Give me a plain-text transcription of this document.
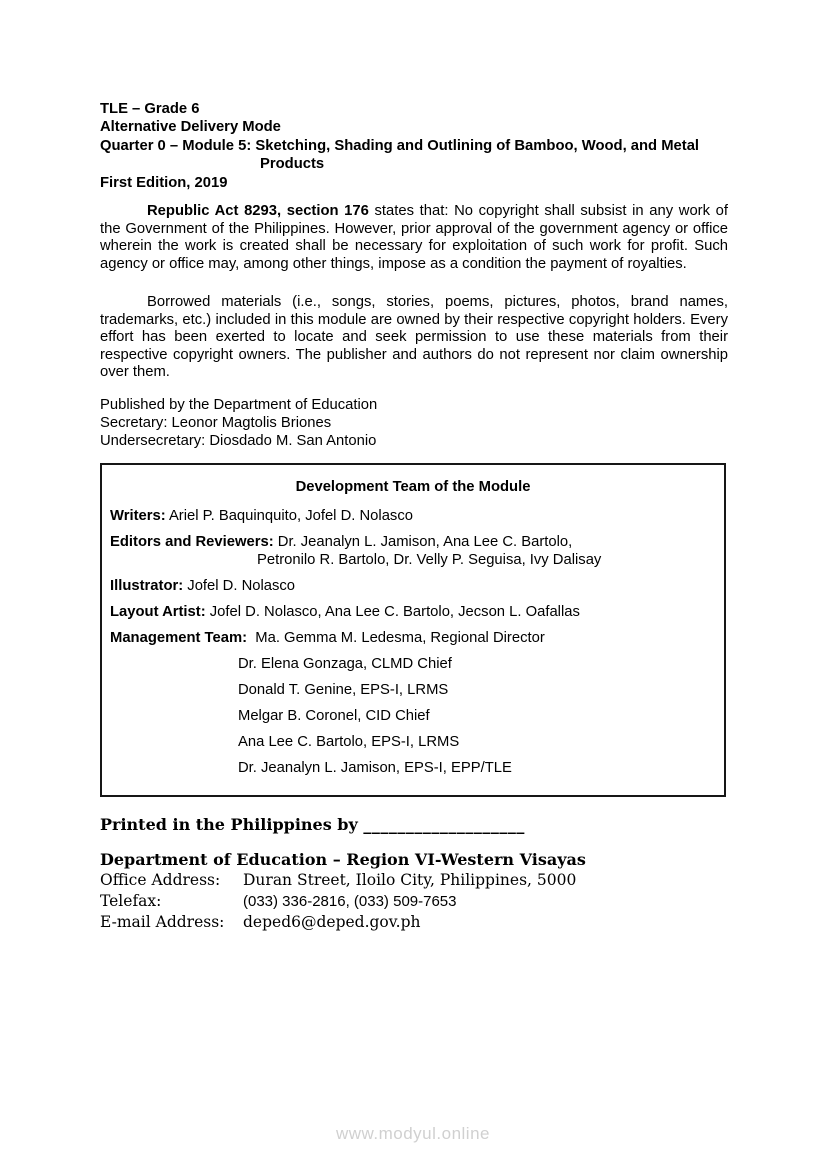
TLE – Grade 6
Alternative Delivery Mode
Quarter 0 – Module 5: Sketching, Shading and Outlining of Bamboo, Wood, and Metal
Products
First Edition, 2019

Republic Act 8293, section 176 states that: No copyright shall subsist in any work of the Government of the Philippines. However, prior approval of the government agency or office wherein the work is created shall be necessary for exploitation of such work for profit. Such agency or office may, among other things, impose as a condition the payment of royalties.

Borrowed materials (i.e., songs, stories, poems, pictures, photos, brand names, trademarks, etc.) included in this module are owned by their respective copyright holders. Every effort has been exerted to locate and seek permission to use these materials from their respective copyright owners. The publisher and authors do not represent nor claim ownership over them.

Published by the Department of Education
Secretary: Leonor Magtolis Briones
Undersecretary: Diosdado M. San Antonio
Development Team of the Module
Writers: Ariel P. Baquinquito, Jofel D. Nolasco
Editors and Reviewers: Dr. Jeanalyn L. Jamison, Ana Lee C. Bartolo,
Petronilo R. Bartolo, Dr. Velly P. Seguisa, Ivy Dalisay
Illustrator: Jofel D. Nolasco
Layout Artist: Jofel D. Nolasco, Ana Lee C. Bartolo, Jecson L. Oafallas
Management Team: Ma. Gemma M. Ledesma, Regional Director
Dr. Elena Gonzaga, CLMD Chief
Donald T. Genine, EPS-I, LRMS
Melgar B. Coronel, CID Chief
Ana Lee C. Bartolo, EPS-I, LRMS
Dr. Jeanalyn L. Jamison, EPS-I, EPP/TLE
Printed in the Philippines by ___________________
Department of Education – Region VI-Western Visayas
Office Address:	Duran Street, Iloilo City, Philippines, 5000
Telefax:	(033) 336-2816, (033) 509-7653
E-mail Address:	deped6@deped.gov.ph
www.modyul.online
